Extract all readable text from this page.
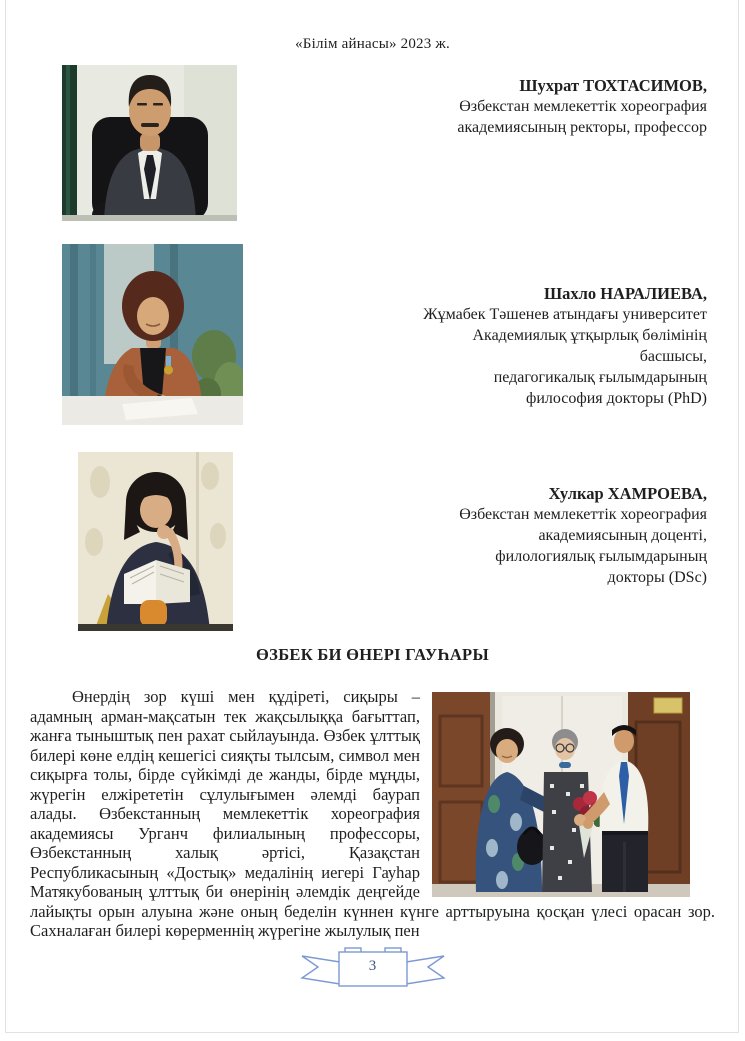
«Білім айнасы» 2023 ж.
Шухрат ТОХТАСИМОВ,
Өзбекстан мемлекеттік хореография
академиясының ректоры, профессор
Шахло НАРАЛИЕВА,
Жұмабек Тәшенев атындағы университет
Академиялық ұтқырлық бөлімінің
басшысы,
педагогикалық ғылымдарының
философия докторы (PhD)
Хулкар ХАМРОЕВА,
Өзбекстан мемлекеттік хореография
академиясының доценті,
филологиялық ғылымдарының
докторы (DSc)
ӨЗБЕК БИ ӨНЕРІ ГАУҺАРЫ

Өнердің зор күші мен құдіреті, сиқыры – адамның арман-мақсатын тек жақсылыққа бағыттап, жанға тыныштық пен рахат сыйлауында. Өзбек ұлттық билері көне елдің кешегісі сияқты тылсым, символ мен сиқырға толы, бірде сүйкімді де жанды, бірде мұңды, жүрегін елжірететін сұлулығымен әлемді баурап алады. Өзбекстанның мемлекеттік хореография академиясы Урганч филиалының профессоры, Өзбекстанның халық әртісі, Қазақстан Республикасының «Достық» медалінің иегері Гауһар Матякубованың ұлттық би өнерінің әлемдік деңгейде лайықты орын алуына және оның беделін күннен күнге арттыруына қосқан үлесі орасан зор. Сахналаған билері көрерменнің жүрегіне жылулық пен

3
